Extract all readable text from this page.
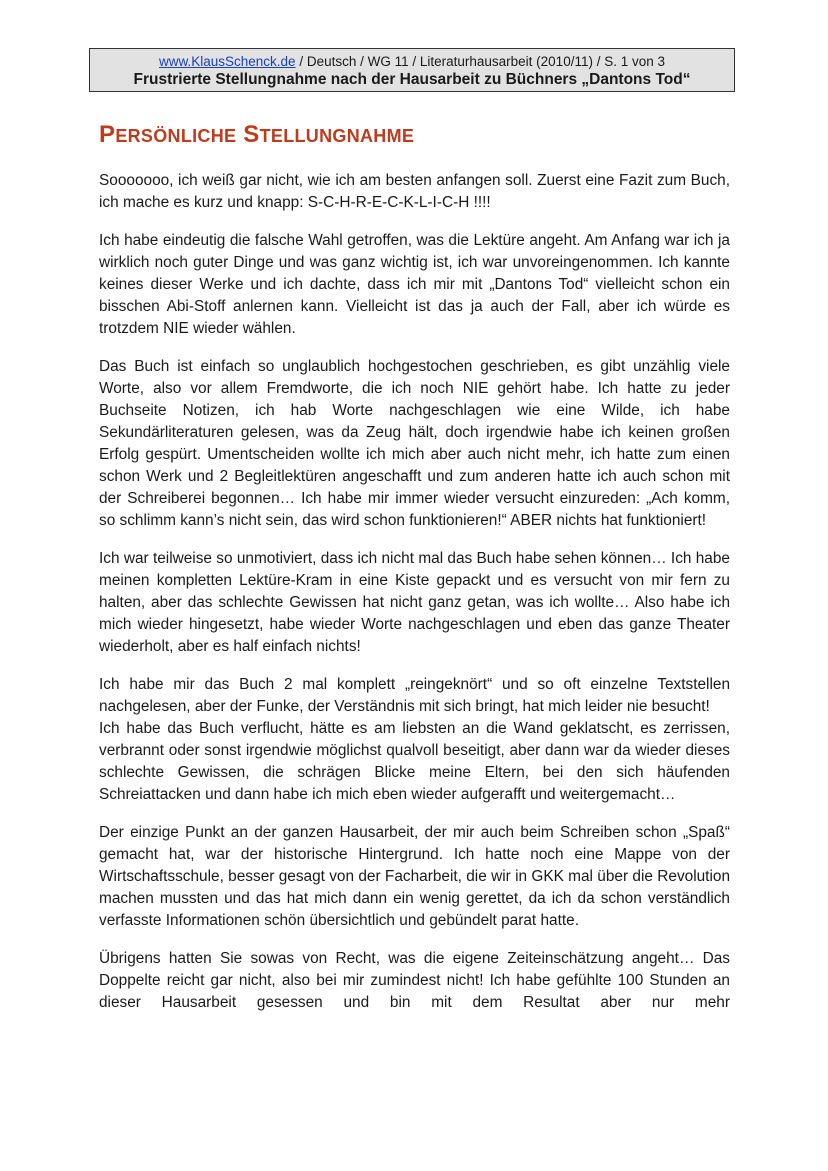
www.KlausSchenck.de / Deutsch / WG 11 / Literaturhausarbeit (2010/11) / S. 1 von 3
Frustrierte Stellungnahme nach der Hausarbeit zu Büchners „Dantons Tod“
PERSÖNLICHE STELLUNGNAHME

Sooooooo, ich weiß gar nicht, wie ich am besten anfangen soll. Zuerst eine Fazit zum Buch, ich mache es kurz und knapp: S-C-H-R-E-C-K-L-I-C-H !!!!

Ich habe eindeutig die falsche Wahl getroffen, was die Lektüre angeht. Am Anfang war ich ja wirklich noch guter Dinge und was ganz wichtig ist, ich war unvoreingenommen. Ich kannte keines dieser Werke und ich dachte, dass ich mir mit „Dantons Tod“ vielleicht schon ein bisschen Abi-Stoff anlernen kann. Vielleicht ist das ja auch der Fall, aber ich würde es trotzdem NIE wieder wählen.

Das Buch ist einfach so unglaublich hochgestochen geschrieben, es gibt unzählig viele Worte, also vor allem Fremdworte, die ich noch NIE gehört habe. Ich hatte zu jeder Buchseite Notizen, ich hab Worte nachgeschlagen wie eine Wilde, ich habe Sekundärliteraturen gelesen, was da Zeug hält, doch irgendwie habe ich keinen großen Erfolg gespürt. Umentscheiden wollte ich mich aber auch nicht mehr, ich hatte zum einen schon Werk und 2 Begleitlektüren angeschafft und zum anderen hatte ich auch schon mit der Schreiberei begonnen… Ich habe mir immer wieder versucht einzureden: „Ach komm, so schlimm kann’s nicht sein, das wird schon funktionieren!“ ABER nichts hat funktioniert!

Ich war teilweise so unmotiviert, dass ich nicht mal das Buch habe sehen können… Ich habe meinen kompletten Lektüre-Kram in eine Kiste gepackt und es versucht von mir fern zu halten, aber das schlechte Gewissen hat nicht ganz getan, was ich wollte… Also habe ich mich wieder hingesetzt, habe wieder Worte nachgeschlagen und eben das ganze Theater wiederholt, aber es half einfach nichts!

Ich habe mir das Buch 2 mal komplett „reingeknört“ und so oft einzelne Textstellen nachgelesen, aber der Funke, der Verständnis mit sich bringt, hat mich leider nie besucht!

Ich habe das Buch verflucht, hätte es am liebsten an die Wand geklatscht, es zerrissen, verbrannt oder sonst irgendwie möglichst qualvoll beseitigt, aber dann war da wieder dieses schlechte Gewissen, die schrägen Blicke meine Eltern, bei den sich häufenden Schreiattacken und dann habe ich mich eben wieder aufgerafft und weitergemacht…

Der einzige Punkt an der ganzen Hausarbeit, der mir auch beim Schreiben schon „Spaß“ gemacht hat, war der historische Hintergrund. Ich hatte noch eine Mappe von der Wirtschaftsschule, besser gesagt von der Facharbeit, die wir in GKK mal über die Revolution machen mussten und das hat mich dann ein wenig gerettet, da ich da schon verständlich verfasste Informationen schön übersichtlich und gebündelt parat hatte.

Übrigens hatten Sie sowas von Recht, was die eigene Zeiteinschätzung angeht… Das Doppelte reicht gar nicht, also bei mir zumindest nicht! Ich habe gefühlte 100 Stunden an dieser Hausarbeit gesessen und bin mit dem Resultat aber nur mehr
